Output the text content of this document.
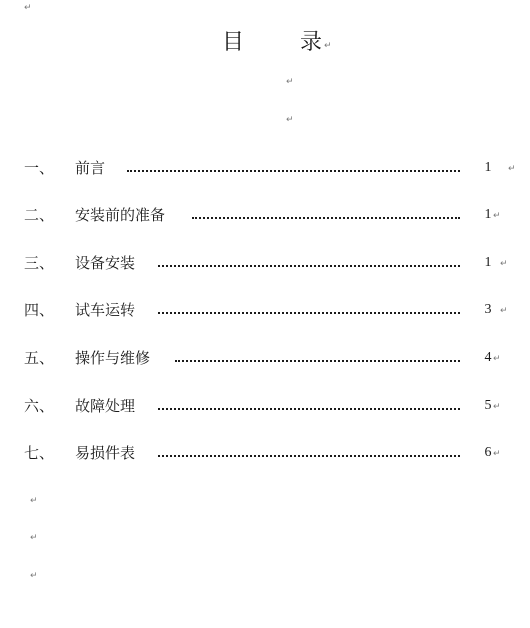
↵
目	录 ↵
↵
↵
一、 前言	1 ↵
二、 安装前的准备	1 ↵
三、 设备安装	1 ↵
四、 试车运转	3 ↵
五、 操作与维修	4 ↵
六、 故障处理	5 ↵
七、 易损件表	6 ↵
↵
↵
↵
